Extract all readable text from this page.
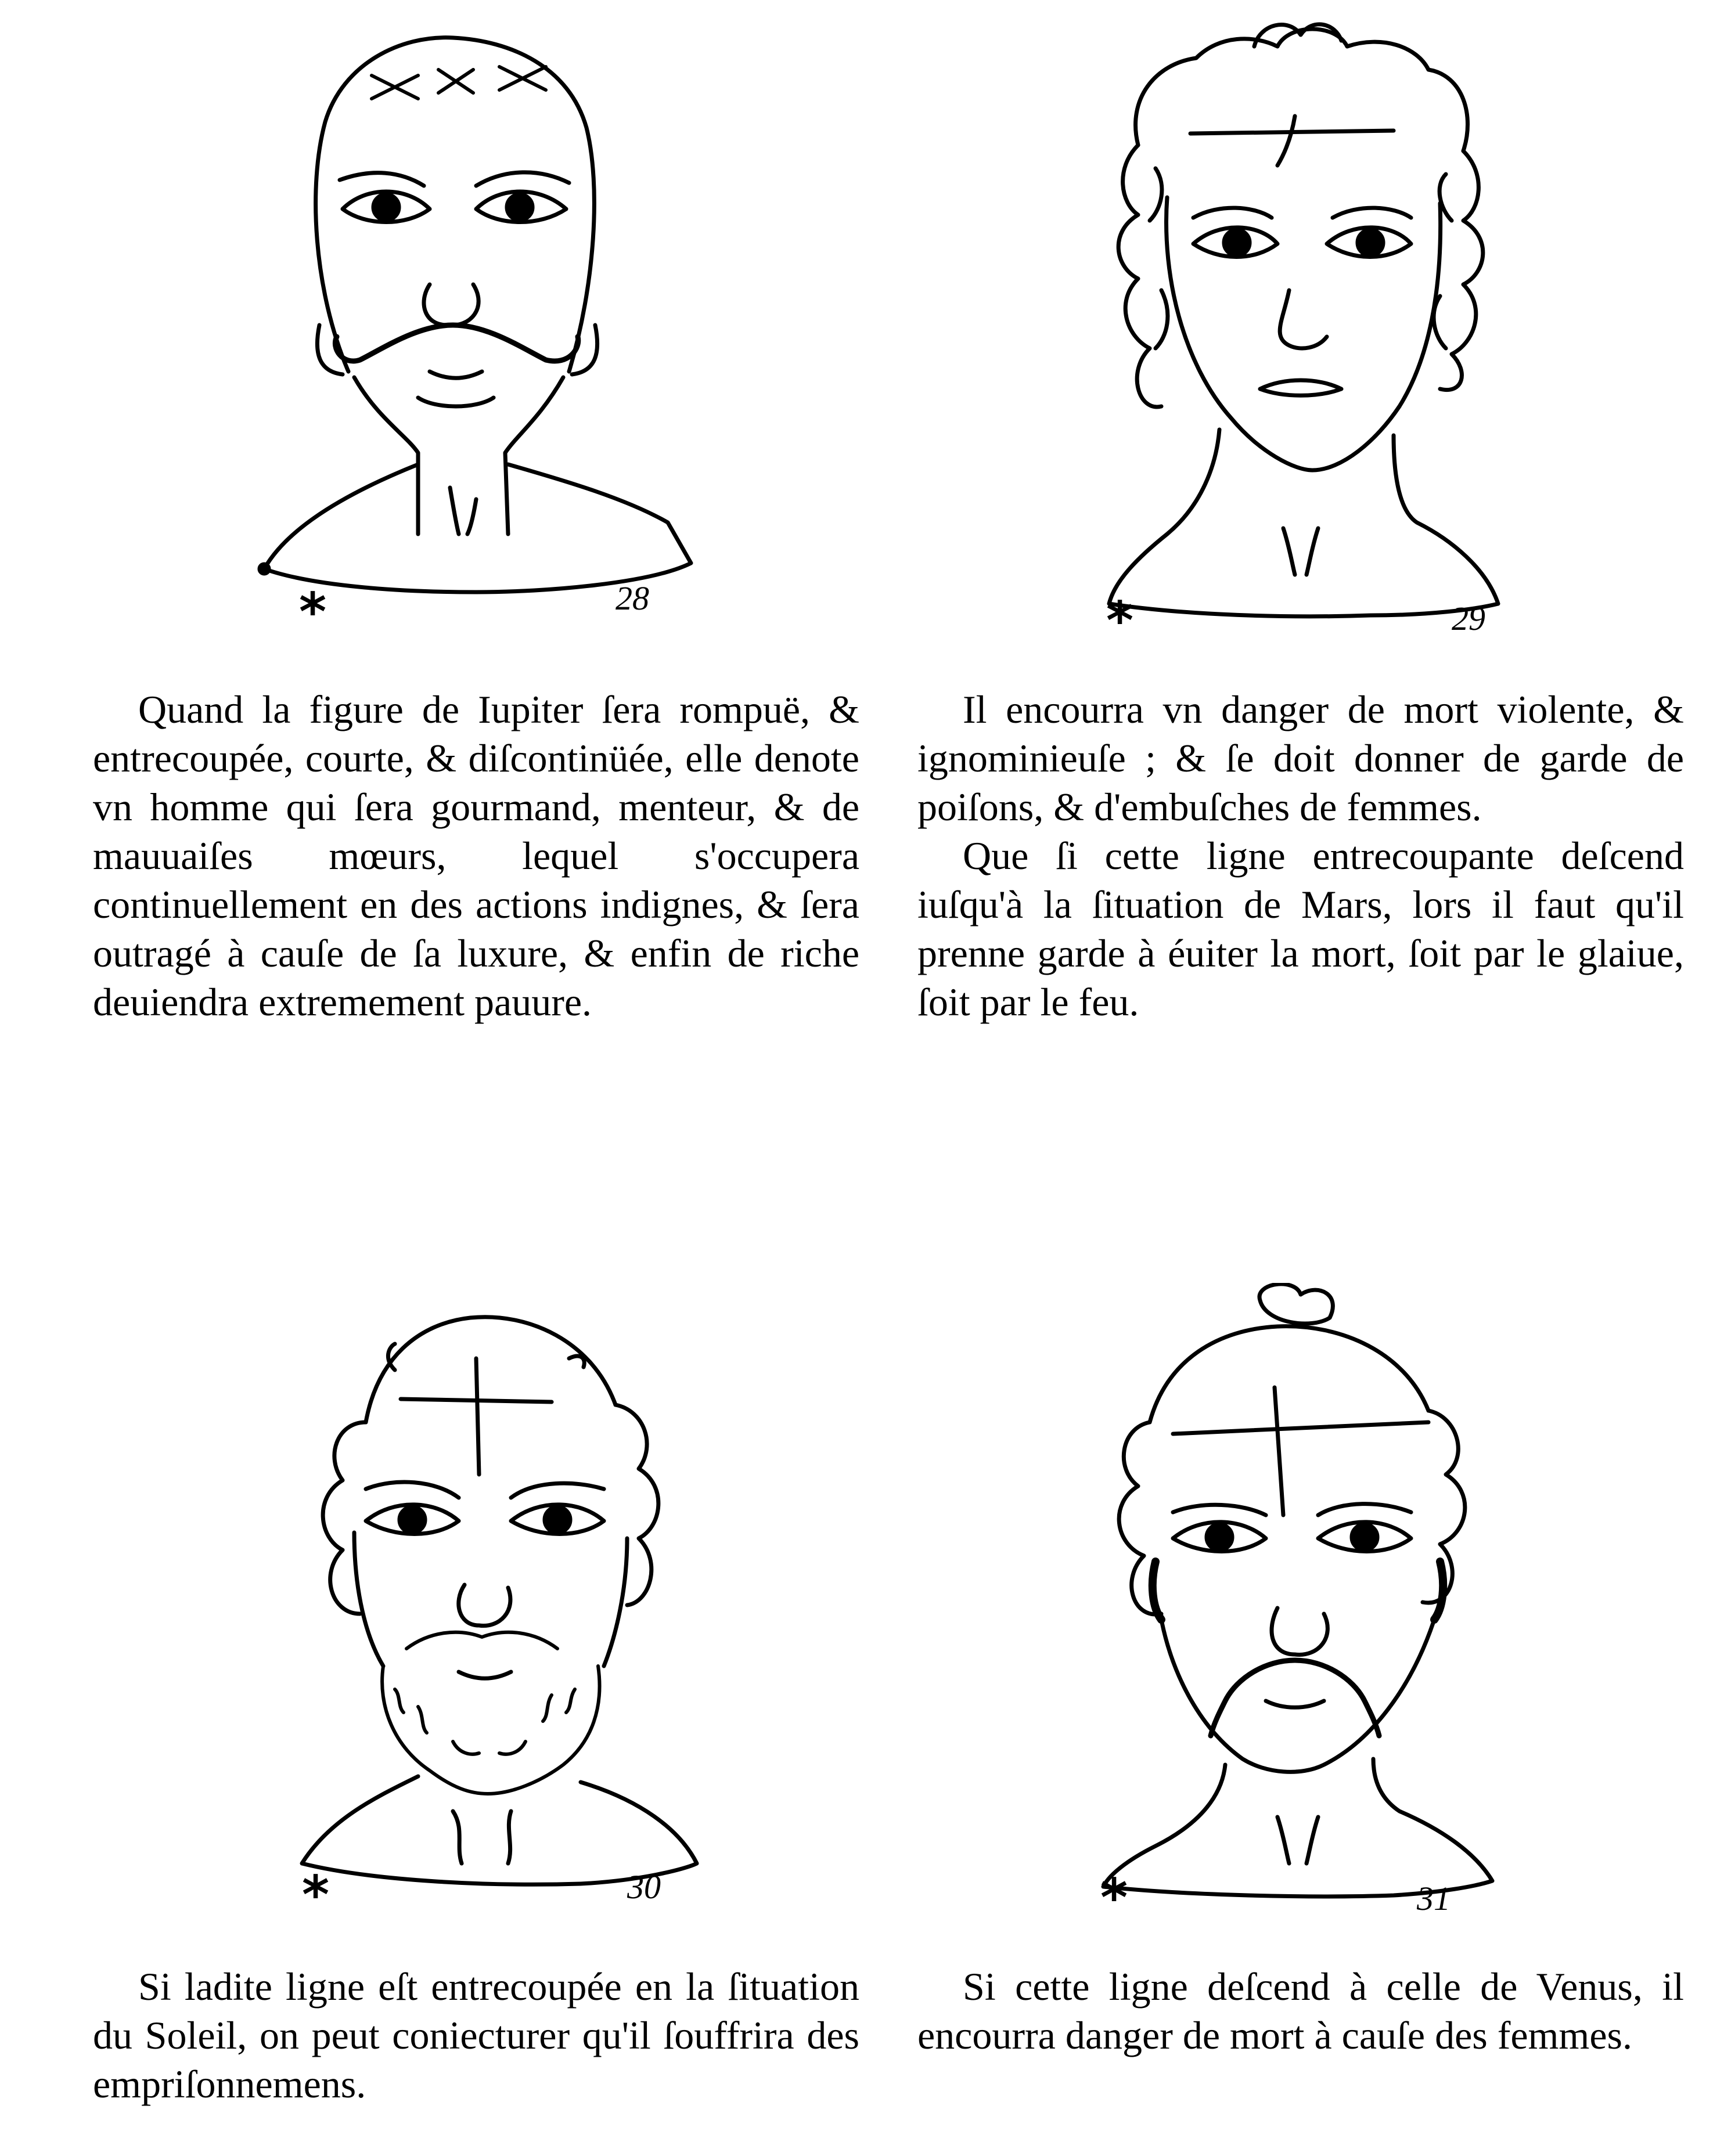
*	28

Quand la figure de Iupiter ſera rompuë, & entrecoupée, courte, & diſcontinüée, elle denote vn homme qui ſera gourmand, menteur, & de mauuaiſes mœurs, lequel s'occupera continuellement en des actions indignes, & ſera outragé à cauſe de ſa luxure, & enfin de riche deuiendra extremement pauure.

*	29

Il encourra vn danger de mort violente, & ignominieuſe ; & ſe doit donner de garde de poiſons, & d'embuſches de femmes.

Que ſi cette ligne entrecoupante deſcend iuſqu'à la ſituation de Mars, lors il faut qu'il prenne garde à éuiter la mort, ſoit par le glaiue, ſoit par le feu.

*	30

Si ladite ligne eſt entrecoupée en la ſituation du Soleil, on peut coniecturer qu'il ſouffrira des empriſonnemens.

*	31

Si cette ligne deſcend à celle de Venus, il encourra danger de mort à cauſe des femmes.
